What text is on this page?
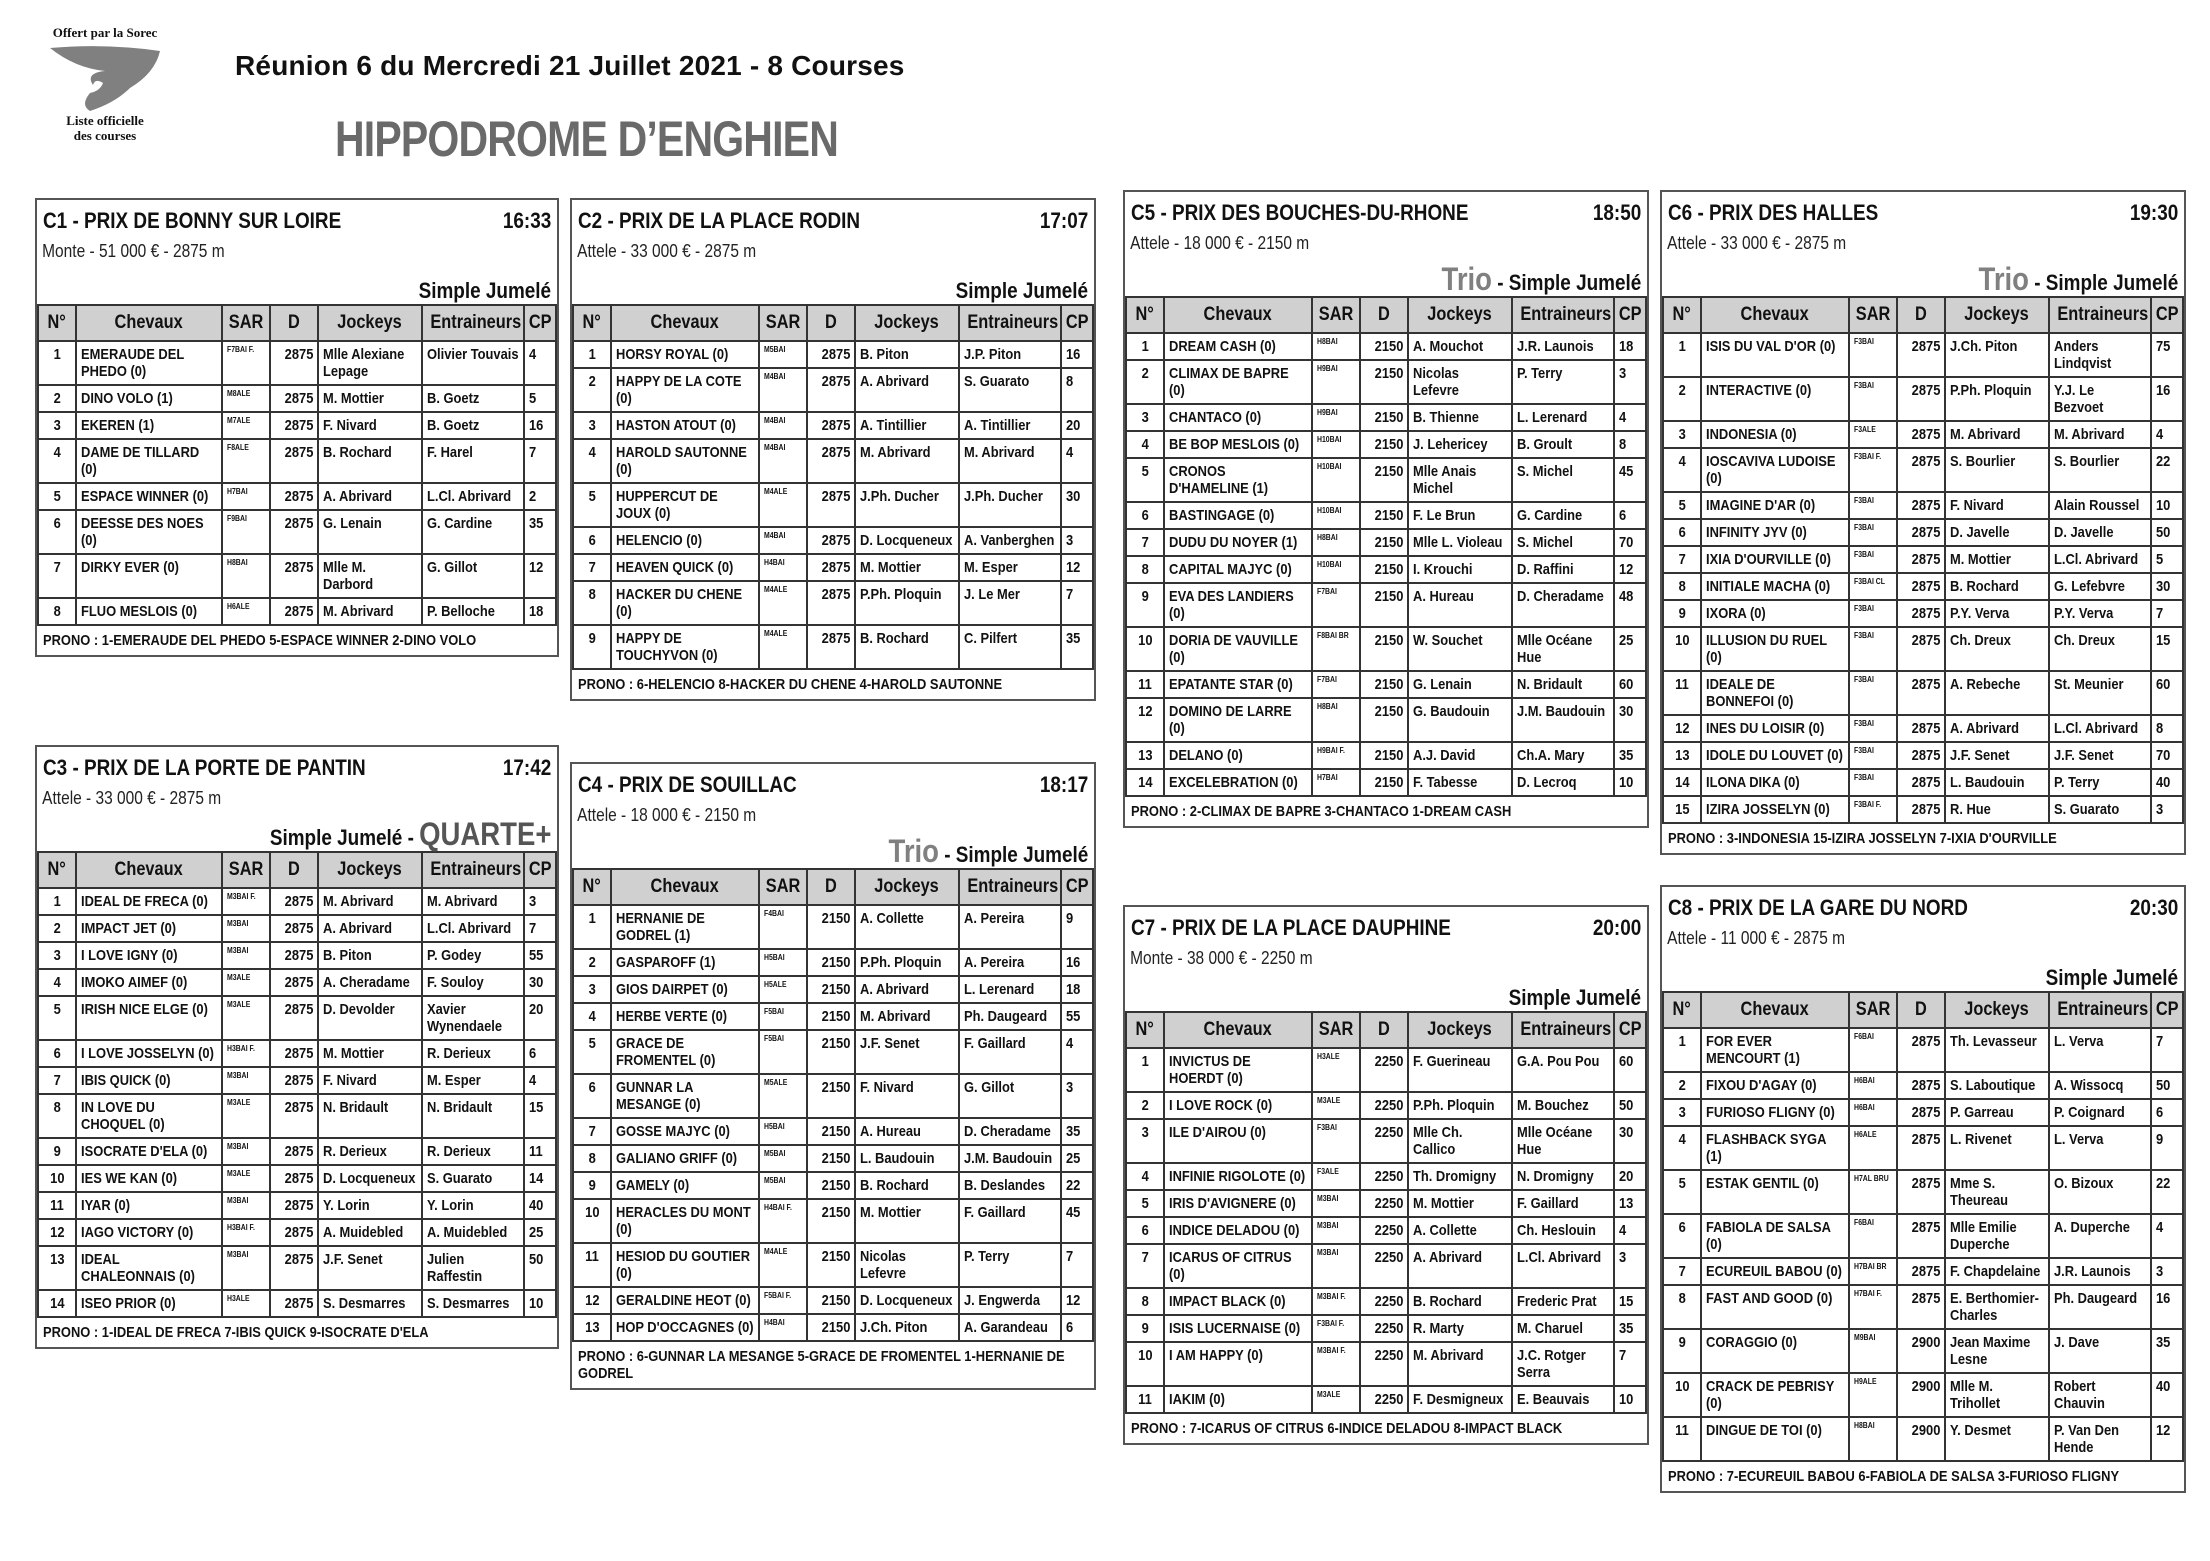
Offert par la Sorec
Liste officielle
des courses
Réunion 6 du Mercredi 21 Juillet 2021 - 8 Courses
HIPPODROME D’ENGHIEN
C1 - PRIX DE BONNY SUR LOIRE	16:33
Monte - 51 000 € - 2875 m
Simple Jumelé
N°	Chevaux	SAR	D	Jockeys	Entraineurs	CP
1	EMERAUDE DEL PHEDO (0)	F7BAI F.	2875	Mlle Alexiane Lepage	Olivier Touvais	4
2	DINO VOLO (1)	M8ALE	2875	M. Mottier	B. Goetz	5
3	EKEREN (1)	M7ALE	2875	F. Nivard	B. Goetz	16
4	DAME DE TILLARD (0)	F8ALE	2875	B. Rochard	F. Harel	7
5	ESPACE WINNER (0)	H7BAI	2875	A. Abrivard	L.Cl. Abrivard	2
6	DEESSE DES NOES (0)	F9BAI	2875	G. Lenain	G. Cardine	35
7	DIRKY EVER (0)	H8BAI	2875	Mlle M. Darbord	G. Gillot	12
8	FLUO MESLOIS (0)	H6ALE	2875	M. Abrivard	P. Belloche	18
PRONO : 1-EMERAUDE DEL PHEDO 5-ESPACE WINNER 2-DINO VOLO
C2 - PRIX DE LA PLACE RODIN	17:07
Attele - 33 000 € - 2875 m
Simple Jumelé
N°	Chevaux	SAR	D	Jockeys	Entraineurs	CP
1	HORSY ROYAL (0)	M5BAI	2875	B. Piton	J.P. Piton	16
2	HAPPY DE LA COTE (0)	M4BAI	2875	A. Abrivard	S. Guarato	8
3	HASTON ATOUT (0)	M4BAI	2875	A. Tintillier	A. Tintillier	20
4	HAROLD SAUTONNE (0)	M4BAI	2875	M. Abrivard	M. Abrivard	4
5	HUPPERCUT DE JOUX (0)	M4ALE	2875	J.Ph. Ducher	J.Ph. Ducher	30
6	HELENCIO (0)	M4BAI	2875	D. Locqueneux	A. Vanberghen	3
7	HEAVEN QUICK (0)	H4BAI	2875	M. Mottier	M. Esper	12
8	HACKER DU CHENE (0)	M4ALE	2875	P.Ph. Ploquin	J. Le Mer	7
9	HAPPY DE TOUCHYVON (0)	M4ALE	2875	B. Rochard	C. Pilfert	35
PRONO : 6-HELENCIO 8-HACKER DU CHENE 4-HAROLD SAUTONNE
C3 - PRIX DE LA PORTE DE PANTIN	17:42
Attele - 33 000 € - 2875 m
Simple Jumelé - QUARTE+
N°	Chevaux	SAR	D	Jockeys	Entraineurs	CP
1	IDEAL DE FRECA (0)	M3BAI F.	2875	M. Abrivard	M. Abrivard	3
2	IMPACT JET (0)	M3BAI	2875	A. Abrivard	L.Cl. Abrivard	7
3	I LOVE IGNY (0)	M3BAI	2875	B. Piton	P. Godey	55
4	IMOKO AIMEF (0)	M3ALE	2875	A. Cheradame	F. Souloy	30
5	IRISH NICE ELGE (0)	M3ALE	2875	D. Devolder	Xavier Wynendaele	20
6	I LOVE JOSSELYN (0)	H3BAI F.	2875	M. Mottier	R. Derieux	6
7	IBIS QUICK (0)	M3BAI	2875	F. Nivard	M. Esper	4
8	IN LOVE DU CHOQUEL (0)	M3ALE	2875	N. Bridault	N. Bridault	15
9	ISOCRATE D'ELA (0)	M3BAI	2875	R. Derieux	R. Derieux	11
10	IES WE KAN (0)	M3ALE	2875	D. Locqueneux	S. Guarato	14
11	IYAR (0)	M3BAI	2875	Y. Lorin	Y. Lorin	40
12	IAGO VICTORY (0)	H3BAI F.	2875	A. Muidebled	A. Muidebled	25
13	IDEAL CHALEONNAIS (0)	M3BAI	2875	J.F. Senet	Julien Raffestin	50
14	ISEO PRIOR (0)	H3ALE	2875	S. Desmarres	S. Desmarres	10
PRONO : 1-IDEAL DE FRECA 7-IBIS QUICK 9-ISOCRATE D'ELA
C4 - PRIX DE SOUILLAC	18:17
Attele - 18 000 € - 2150 m
Trio - Simple Jumelé
N°	Chevaux	SAR	D	Jockeys	Entraineurs	CP
1	HERNANIE DE GODREL (1)	F4BAI	2150	A. Collette	A. Pereira	9
2	GASPAROFF (1)	H5BAI	2150	P.Ph. Ploquin	A. Pereira	16
3	GIOS DAIRPET (0)	H5ALE	2150	A. Abrivard	L. Lerenard	18
4	HERBE VERTE (0)	F5BAI	2150	M. Abrivard	Ph. Daugeard	55
5	GRACE DE FROMENTEL (0)	F5BAI	2150	J.F. Senet	F. Gaillard	4
6	GUNNAR LA MESANGE (0)	M5ALE	2150	F. Nivard	G. Gillot	3
7	GOSSE MAJYC (0)	H5BAI	2150	A. Hureau	D. Cheradame	35
8	GALIANO GRIFF (0)	M5BAI	2150	L. Baudouin	J.M. Baudouin	25
9	GAMELY (0)	M5BAI	2150	B. Rochard	B. Deslandes	22
10	HERACLES DU MONT (0)	H4BAI F.	2150	M. Mottier	F. Gaillard	45
11	HESIOD DU GOUTIER (0)	M4ALE	2150	Nicolas Lefevre	P. Terry	7
12	GERALDINE HEOT (0)	F5BAI F.	2150	D. Locqueneux	J. Engwerda	12
13	HOP D'OCCAGNES (0)	H4BAI	2150	J.Ch. Piton	A. Garandeau	6
PRONO : 6-GUNNAR LA MESANGE 5-GRACE DE FROMENTEL 1-HERNANIE DE GODREL
C5 - PRIX DES BOUCHES-DU-RHONE	18:50
Attele - 18 000 € - 2150 m
Trio - Simple Jumelé
N°	Chevaux	SAR	D	Jockeys	Entraineurs	CP
1	DREAM CASH (0)	H8BAI	2150	A. Mouchot	J.R. Launois	18
2	CLIMAX DE BAPRE (0)	H9BAI	2150	Nicolas Lefevre	P. Terry	3
3	CHANTACO (0)	H9BAI	2150	B. Thienne	L. Lerenard	4
4	BE BOP MESLOIS (0)	H10BAI	2150	J. Lehericey	B. Groult	8
5	CRONOS D'HAMELINE (1)	H10BAI	2150	Mlle Anais Michel	S. Michel	45
6	BASTINGAGE (0)	H10BAI	2150	F. Le Brun	G. Cardine	6
7	DUDU DU NOYER (1)	H8BAI	2150	Mlle L. Violeau	S. Michel	70
8	CAPITAL MAJYC (0)	H10BAI	2150	I. Krouchi	D. Raffini	12
9	EVA DES LANDIERS (0)	F7BAI	2150	A. Hureau	D. Cheradame	48
10	DORIA DE VAUVILLE (0)	F8BAI BR	2150	W. Souchet	Mlle Océane Hue	25
11	EPATANTE STAR (0)	F7BAI	2150	G. Lenain	N. Bridault	60
12	DOMINO DE LARRE (0)	H8BAI	2150	G. Baudouin	J.M. Baudouin	30
13	DELANO (0)	H9BAI F.	2150	A.J. David	Ch.A. Mary	35
14	EXCELEBRATION (0)	H7BAI	2150	F. Tabesse	D. Lecroq	10
PRONO : 2-CLIMAX DE BAPRE 3-CHANTACO 1-DREAM CASH
C6 - PRIX DES HALLES	19:30
Attele - 33 000 € - 2875 m
Trio - Simple Jumelé
N°	Chevaux	SAR	D	Jockeys	Entraineurs	CP
1	ISIS DU VAL D'OR (0)	F3BAI	2875	J.Ch. Piton	Anders Lindqvist	75
2	INTERACTIVE (0)	F3BAI	2875	P.Ph. Ploquin	Y.J. Le Bezvoet	16
3	INDONESIA (0)	F3ALE	2875	M. Abrivard	M. Abrivard	4
4	IOSCAVIVA LUDOISE (0)	F3BAI F.	2875	S. Bourlier	S. Bourlier	22
5	IMAGINE D'AR (0)	F3BAI	2875	F. Nivard	Alain Roussel	10
6	INFINITY JYV (0)	F3BAI	2875	D. Javelle	D. Javelle	50
7	IXIA D'OURVILLE (0)	F3BAI	2875	M. Mottier	L.Cl. Abrivard	5
8	INITIALE MACHA (0)	F3BAI CL	2875	B. Rochard	G. Lefebvre	30
9	IXORA (0)	F3BAI	2875	P.Y. Verva	P.Y. Verva	7
10	ILLUSION DU RUEL (0)	F3BAI	2875	Ch. Dreux	Ch. Dreux	15
11	IDEALE DE BONNEFOI (0)	F3BAI	2875	A. Rebeche	St. Meunier	60
12	INES DU LOISIR (0)	F3BAI	2875	A. Abrivard	L.Cl. Abrivard	8
13	IDOLE DU LOUVET (0)	F3BAI	2875	J.F. Senet	J.F. Senet	70
14	ILONA DIKA (0)	F3BAI	2875	L. Baudouin	P. Terry	40
15	IZIRA JOSSELYN (0)	F3BAI F.	2875	R. Hue	S. Guarato	3
PRONO : 3-INDONESIA 15-IZIRA JOSSELYN 7-IXIA D'OURVILLE
C7 - PRIX DE LA PLACE DAUPHINE	20:00
Monte - 38 000 € - 2250 m
Simple Jumelé
N°	Chevaux	SAR	D	Jockeys	Entraineurs	CP
1	INVICTUS DE HOERDT (0)	H3ALE	2250	F. Guerineau	G.A. Pou Pou	60
2	I LOVE ROCK (0)	M3ALE	2250	P.Ph. Ploquin	M. Bouchez	50
3	ILE D'AIROU (0)	F3BAI	2250	Mlle Ch. Callico	Mlle Océane Hue	30
4	INFINIE RIGOLOTE (0)	F3ALE	2250	Th. Dromigny	N. Dromigny	20
5	IRIS D'AVIGNERE (0)	M3BAI	2250	M. Mottier	F. Gaillard	13
6	INDICE DELADOU (0)	M3BAI	2250	A. Collette	Ch. Heslouin	4
7	ICARUS OF CITRUS (0)	M3BAI	2250	A. Abrivard	L.Cl. Abrivard	3
8	IMPACT BLACK (0)	M3BAI F.	2250	B. Rochard	Frederic Prat	15
9	ISIS LUCERNAISE (0)	F3BAI F.	2250	R. Marty	M. Charuel	35
10	I AM HAPPY (0)	M3BAI F.	2250	M. Abrivard	J.C. Rotger Serra	7
11	IAKIM (0)	M3ALE	2250	F. Desmigneux	E. Beauvais	10
PRONO : 7-ICARUS OF CITRUS 6-INDICE DELADOU 8-IMPACT BLACK
C8 - PRIX DE LA GARE DU NORD	20:30
Attele - 11 000 € - 2875 m
Simple Jumelé
N°	Chevaux	SAR	D	Jockeys	Entraineurs	CP
1	FOR EVER MENCOURT (1)	F6BAI	2875	Th. Levasseur	L. Verva	7
2	FIXOU D'AGAY (0)	H6BAI	2875	S. Laboutique	A. Wissocq	50
3	FURIOSO FLIGNY (0)	H6BAI	2875	P. Garreau	P. Coignard	6
4	FLASHBACK SYGA (1)	H6ALE	2875	L. Rivenet	L. Verva	9
5	ESTAK GENTIL (0)	H7AL BRU	2875	Mme S. Theureau	O. Bizoux	22
6	FABIOLA DE SALSA (0)	F6BAI	2875	Mlle Emilie Duperche	A. Duperche	4
7	ECUREUIL BABOU (0)	H7BAI BR	2875	F. Chapdelaine	J.R. Launois	3
8	FAST AND GOOD (0)	H7BAI F.	2875	E. Berthomier-Charles	Ph. Daugeard	16
9	CORAGGIO (0)	M9BAI	2900	Jean Maxime Lesne	J. Dave	35
10	CRACK DE PEBRISY (0)	H9ALE	2900	Mlle M. Trihollet	Robert Chauvin	40
11	DINGUE DE TOI (0)	H8BAI	2900	Y. Desmet	P. Van Den Hende	12
PRONO : 7-ECUREUIL BABOU 6-FABIOLA DE SALSA 3-FURIOSO FLIGNY
